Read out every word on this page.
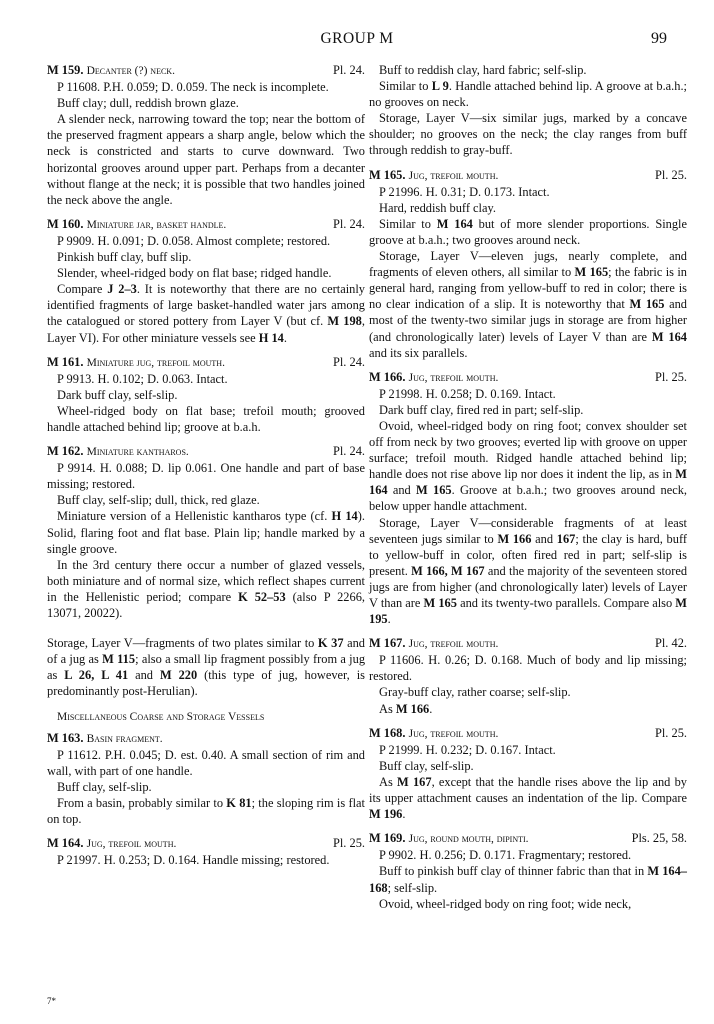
GROUP M	99

M 159. Decanter (?) neck.	Pl. 24.

P 11608. P.H. 0.059; D. 0.059. The neck is incomplete.

Buff clay; dull, reddish brown glaze.

A slender neck, narrowing toward the top; near the bottom of the preserved fragment appears a sharp angle, below which the neck is constricted and starts to curve downward. Two horizontal grooves around upper part. Perhaps from a decanter without flange at the neck; it is possible that two handles joined the neck above the angle.

M 160. Miniature jar, basket handle.	Pl. 24.

P 9909. H. 0.091; D. 0.058. Almost complete; restored.

Pinkish buff clay, buff slip.

Slender, wheel-ridged body on flat base; ridged handle.

Compare J 2–3. It is noteworthy that there are no certainly identified fragments of large basket-handled water jars among the catalogued or stored pottery from Layer V (but cf. M 198, Layer VI). For other miniature vessels see H 14.

M 161. Miniature jug, trefoil mouth.	Pl. 24.

P 9913. H. 0.102; D. 0.063. Intact.

Dark buff clay, self-slip.

Wheel-ridged body on flat base; trefoil mouth; grooved handle attached behind lip; groove at b.a.h.

M 162. Miniature kantharos.	Pl. 24.

P 9914. H. 0.088; D. lip 0.061. One handle and part of base missing; restored.

Buff clay, self-slip; dull, thick, red glaze.

Miniature version of a Hellenistic kantharos type (cf. H 14). Solid, flaring foot and flat base. Plain lip; handle marked by a single groove.

In the 3rd century there occur a number of glazed vessels, both miniature and of normal size, which reflect shapes current in the Hellenistic period; compare K 52–53 (also P 2266, 13071, 20022).

Storage, Layer V—fragments of two plates similar to K 37 and of a jug as M 115; also a small lip fragment possibly from a jug as L 26, L 41 and M 220 (this type of jug, however, is predominantly post-Herulian).

Miscellaneous Coarse and Storage Vessels

M 163. Basin fragment.

P 11612. P.H. 0.045; D. est. 0.40. A small section of rim and wall, with part of one handle.

Buff clay, self-slip.

From a basin, probably similar to K 81; the sloping rim is flat on top.

M 164. Jug, trefoil mouth.	Pl. 25.

P 21997. H. 0.253; D. 0.164. Handle missing; restored.

Buff to reddish clay, hard fabric; self-slip.

Similar to L 9. Handle attached behind lip. A groove at b.a.h.; no grooves on neck.

Storage, Layer V—six similar jugs, marked by a concave shoulder; no grooves on the neck; the clay ranges from buff through reddish to gray-buff.

M 165. Jug, trefoil mouth.	Pl. 25.

P 21996. H. 0.31; D. 0.173. Intact.

Hard, reddish buff clay.

Similar to M 164 but of more slender proportions. Single groove at b.a.h.; two grooves around neck.

Storage, Layer V—eleven jugs, nearly complete, and fragments of eleven others, all similar to M 165; the fabric is in general hard, ranging from yellow-buff to red in color; there is no clear indication of a slip. It is noteworthy that M 165 and most of the twenty-two similar jugs in storage are from higher (and chronologically later) levels of Layer V than are M 164 and its six parallels.

M 166. Jug, trefoil mouth.	Pl. 25.

P 21998. H. 0.258; D. 0.169. Intact.

Dark buff clay, fired red in part; self-slip.

Ovoid, wheel-ridged body on ring foot; convex shoulder set off from neck by two grooves; everted lip with groove on upper surface; trefoil mouth. Ridged handle attached behind lip; handle does not rise above lip nor does it indent the lip, as in M 164 and M 165. Groove at b.a.h.; two grooves around neck, below upper handle attachment.

Storage, Layer V—considerable fragments of at least seventeen jugs similar to M 166 and 167; the clay is hard, buff to yellow-buff in color, often fired red in part; self-slip is present. M 166, M 167 and the majority of the seventeen stored jugs are from higher (and chronologically later) levels of Layer V than are M 165 and its twenty-two parallels. Compare also M 195.

M 167. Jug, trefoil mouth.	Pl. 42.

P 11606. H. 0.26; D. 0.168. Much of body and lip missing; restored.

Gray-buff clay, rather coarse; self-slip.

As M 166.

M 168. Jug, trefoil mouth.	Pl. 25.

P 21999. H. 0.232; D. 0.167. Intact.

Buff clay, self-slip.

As M 167, except that the handle rises above the lip and by its upper attachment causes an indentation of the lip. Compare M 196.

M 169. Jug, round mouth, dipinti.	Pls. 25, 58.

P 9902. H. 0.256; D. 0.171. Fragmentary; restored.

Buff to pinkish buff clay of thinner fabric than that in M 164–168; self-slip.

Ovoid, wheel-ridged body on ring foot; wide neck,

7*
